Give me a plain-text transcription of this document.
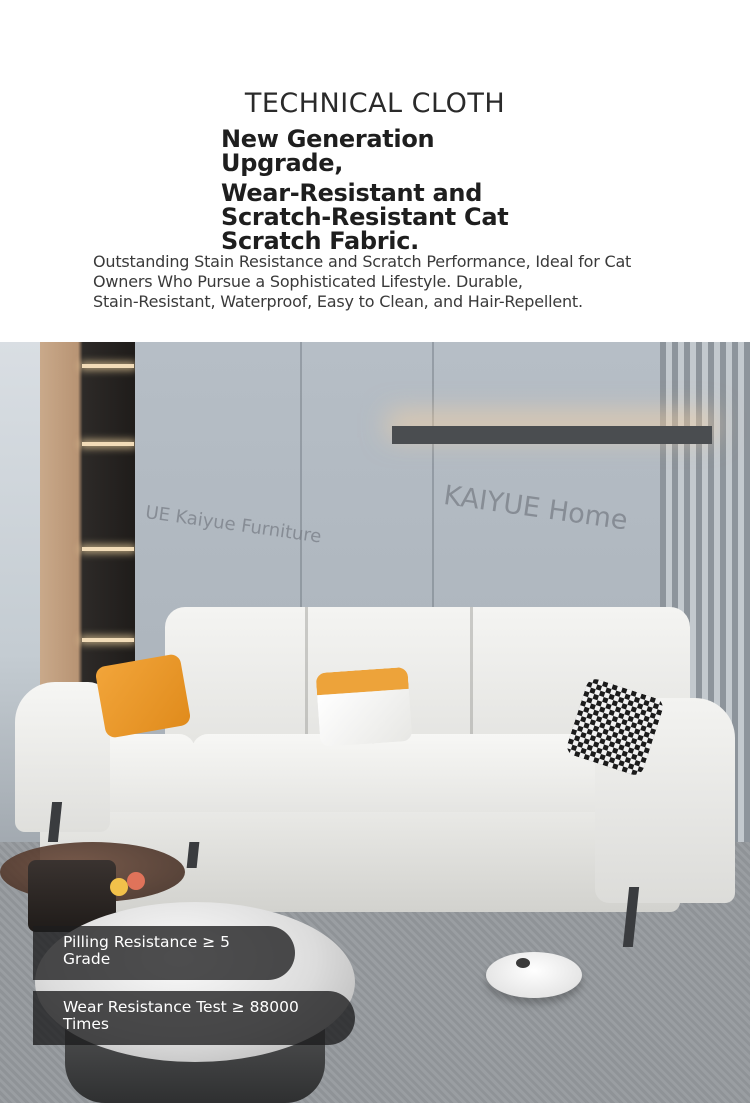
TECHNICAL CLOTH
New Generation
Upgrade,
Wear-Resistant and
Scratch-Resistant Cat
Scratch Fabric.
Outstanding Stain Resistance and Scratch Performance, Ideal for Cat
Owners Who Pursue a Sophisticated Lifestyle. Durable,
Stain-Resistant, Waterproof, Easy to Clean, and Hair-Repellent.
UE Kaiyue Furniture	KAIYUE Home
Pilling Resistance ≥ 5
Grade
Wear Resistance Test ≥ 88000
Times
